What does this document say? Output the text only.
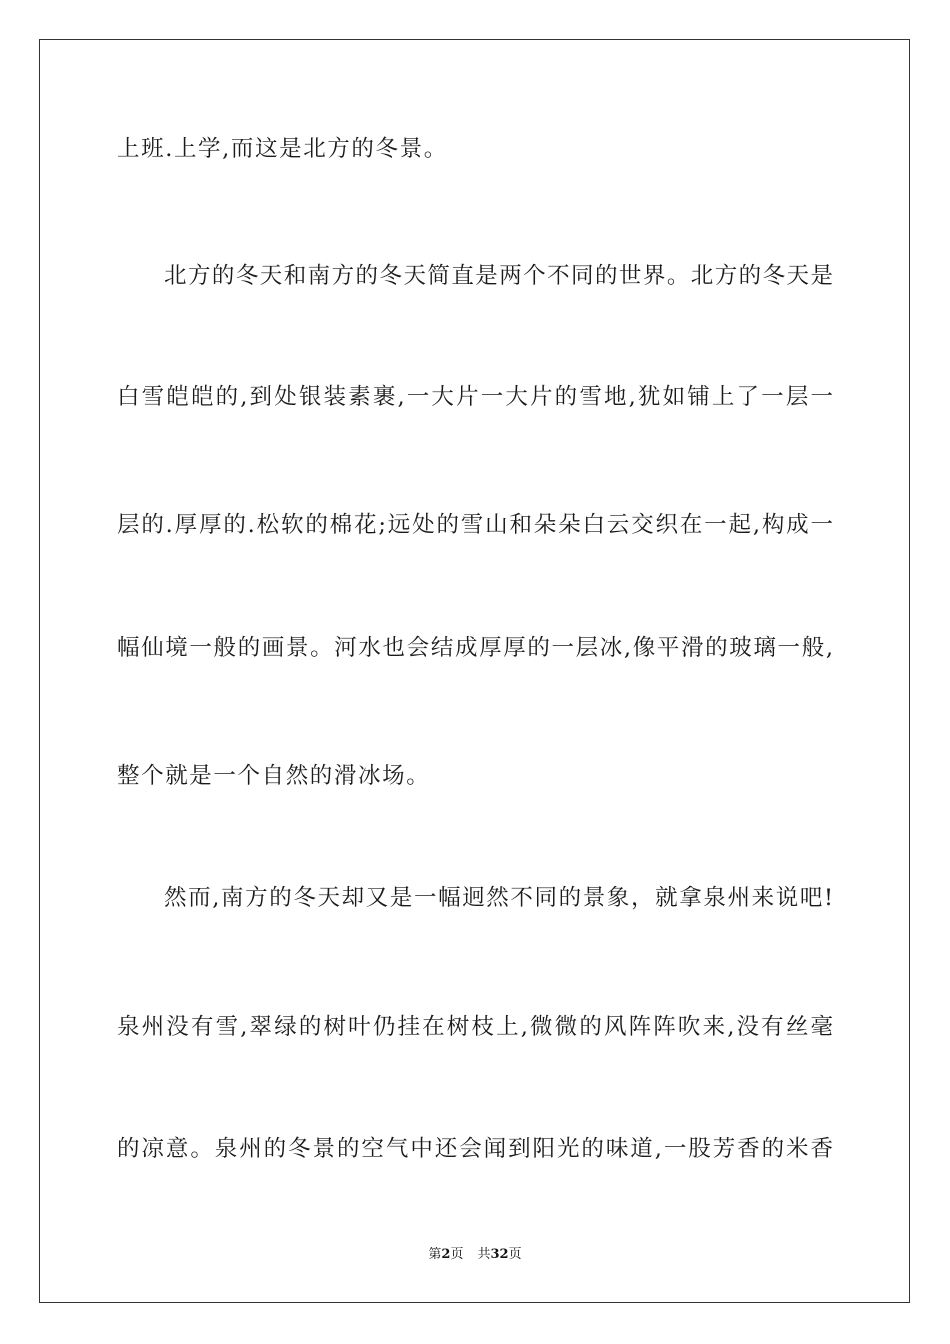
上班.上学,而这是北方的冬景。
北方的冬天和南方的冬天简直是两个不同的世界。北方的冬天是
白雪皑皑的,到处银装素裹,一大片一大片的雪地,犹如铺上了一层一
层的.厚厚的.松软的棉花;远处的雪山和朵朵白云交织在一起,构成一
幅仙境一般的画景。河水也会结成厚厚的一层冰,像平滑的玻璃一般,
整个就是一个自然的滑冰场。
然而,南方的冬天却又是一幅迥然不同的景象，就拿泉州来说吧!
泉州没有雪,翠绿的树叶仍挂在树枝上,微微的风阵阵吹来,没有丝毫
的凉意。泉州的冬景的空气中还会闻到阳光的味道,一股芳香的米香
第2页 共32页
